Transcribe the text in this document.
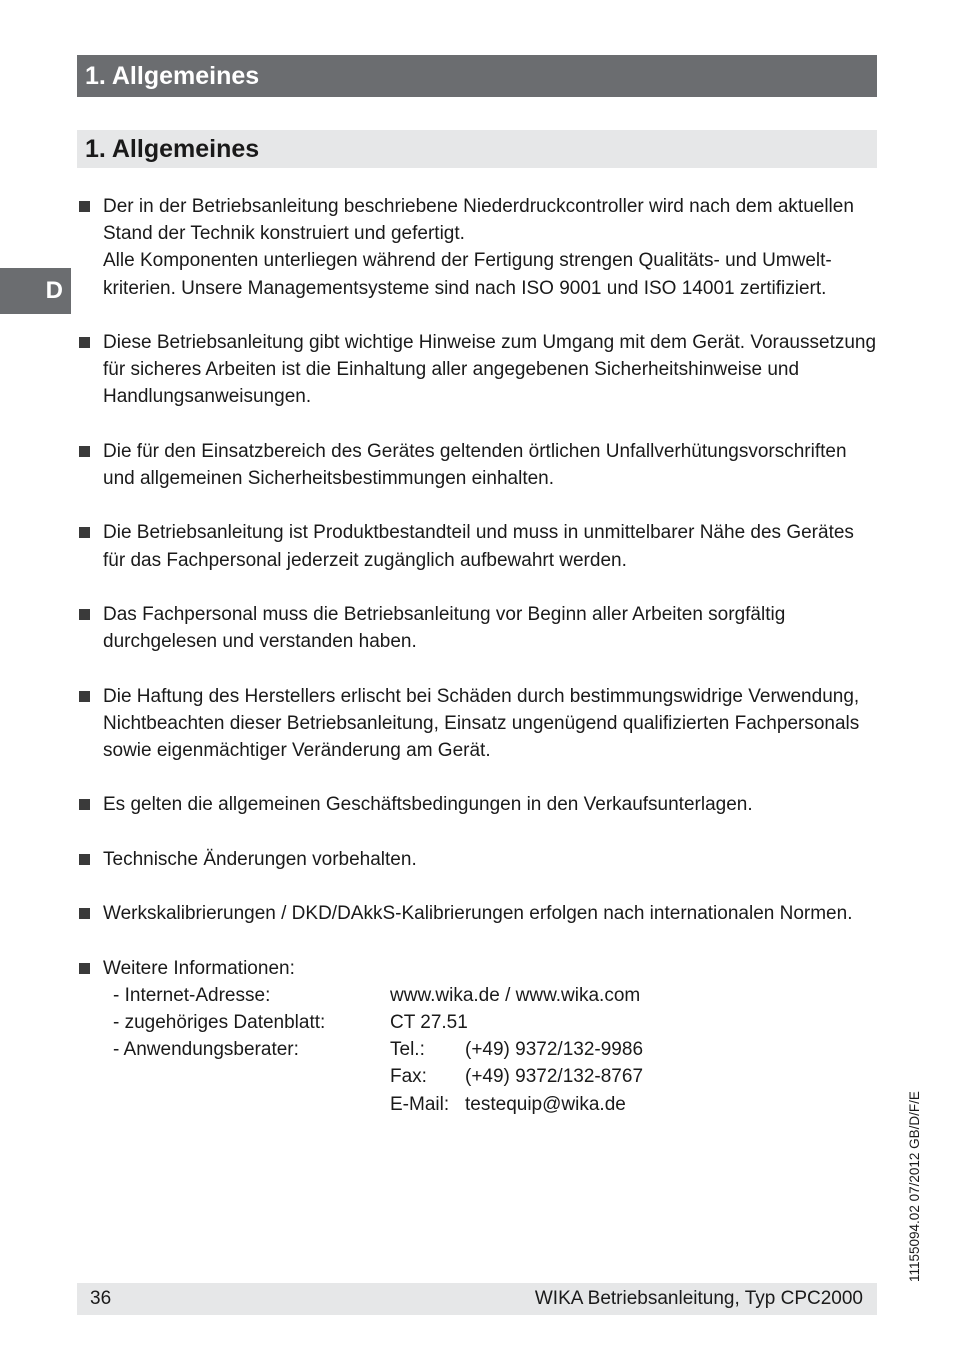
1. Allgemeines
1. Allgemeines
D
Der in der Betriebsanleitung beschriebene Niederdruckcontroller wird nach dem aktuellen Stand der Technik konstruiert und gefertigt.
Alle Komponenten unterliegen während der Fertigung strengen Qualitäts- und Umweltkriterien. Unsere Managementsysteme sind nach ISO 9001 und ISO 14001 zertifiziert.
Diese Betriebsanleitung gibt wichtige Hinweise zum Umgang mit dem Gerät. Voraussetzung für sicheres Arbeiten ist die Einhaltung aller angegebenen Sicherheitshinweise und Handlungsanweisungen.
Die für den Einsatzbereich des Gerätes geltenden örtlichen Unfallverhütungsvorschriften und allgemeinen Sicherheitsbestimmungen einhalten.
Die Betriebsanleitung ist Produktbestandteil und muss in unmittelbarer Nähe des Gerätes für das Fachpersonal jederzeit zugänglich aufbewahrt werden.
Das Fachpersonal muss die Betriebsanleitung vor Beginn aller Arbeiten sorgfältig durchgelesen und verstanden haben.
Die Haftung des Herstellers erlischt bei Schäden durch bestimmungswidrige Verwendung, Nichtbeachten dieser Betriebsanleitung, Einsatz ungenügend qualifizierten Fachpersonals sowie eigenmächtiger Veränderung am Gerät.
Es gelten die allgemeinen Geschäftsbedingungen in den Verkaufsunterlagen.
Technische Änderungen vorbehalten.
Werkskalibrierungen / DKD/DAkkS-Kalibrierungen erfolgen nach internationalen Normen.
Weitere Informationen:
- Internet-Adresse:	www.wika.de / www.wika.com
- zugehöriges Datenblatt:	CT 27.51
- Anwendungsberater:	Tel.:	(+49) 9372/132-9986
Fax:	(+49) 9372/132-8767
E-Mail: testequip@wika.de	11155094.02 07/2012 GB/D/F/E
36	WIKA Betriebsanleitung, Typ CPC2000
